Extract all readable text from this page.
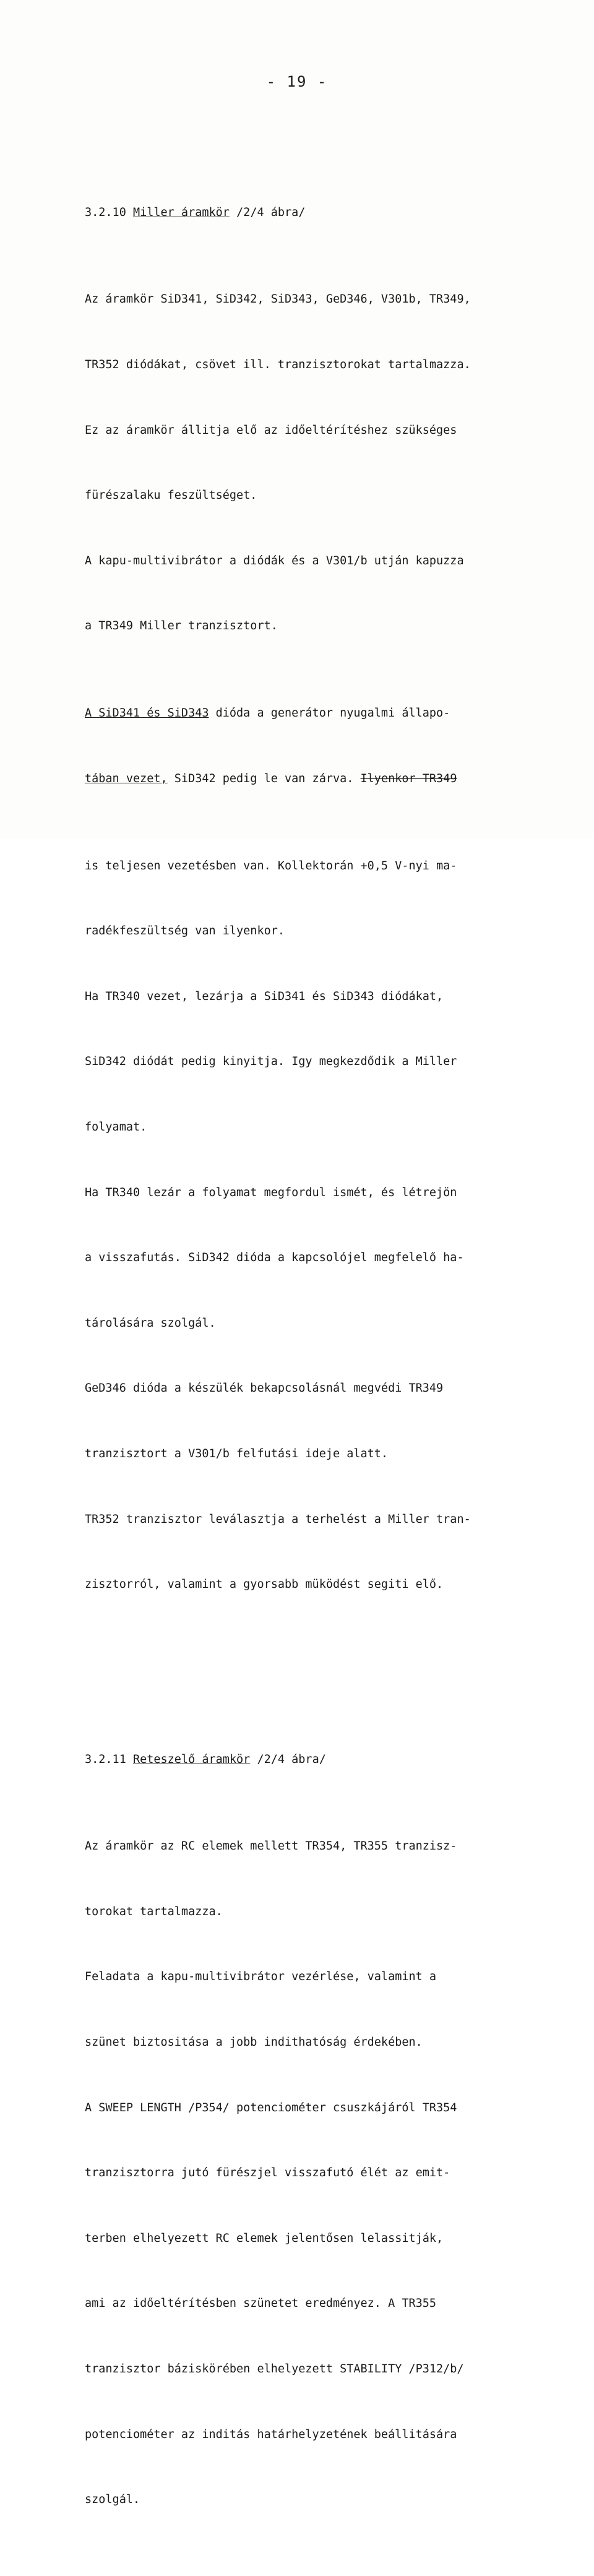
- 19 -

3.2.10 Miller áramkör /2/4 ábra/

Az áramkör SiD341, SiD342, SiD343, GeD346, V301b, TR349,

TR352 diódákat, csövet ill. tranzisztorokat tartalmazza.

Ez az áramkör állitja elő az időeltérítéshez szükséges

fürészalaku feszültséget.

A kapu-multivibrátor a diódák és a V301/b utján kapuzza

a TR349 Miller tranzisztort.

A SiD341 és SiD343 dióda a generátor nyugalmi állapo-

tában vezet, SiD342 pedig le van zárva. Ilyenkor TR349

is teljesen vezetésben van. Kollektorán +0,5 V-nyi ma-

radékfeszültség van ilyenkor.

Ha TR340 vezet, lezárja a SiD341 és SiD343 diódákat,

SiD342 diódát pedig kinyitja. Igy megkezdődik a Miller

folyamat.

Ha TR340 lezár a folyamat megfordul ismét, és létrejön

a visszafutás. SiD342 dióda a kapcsolójel megfelelő ha-

tárolására szolgál.

GeD346 dióda a készülék bekapcsolásnál megvédi TR349

tranzisztort a V301/b felfutási ideje alatt.

TR352 tranzisztor leválasztja a terhelést a Miller tran-

zisztorról, valamint a gyorsabb müködést segiti elő.

3.2.11 Reteszelő áramkör /2/4 ábra/

Az áramkör az RC elemek mellett TR354, TR355 tranzisz-

torokat tartalmazza.

Feladata a kapu-multivibrátor vezérlése, valamint a

szünet biztositása a jobb indithatóság érdekében.

A SWEEP LENGTH /P354/ potenciométer csuszkájáról TR354

tranzisztorra jutó fürészjel visszafutó élét az emit-

terben elhelyezett RC elemek jelentősen lelassitják,

ami az időeltérítésben szünetet eredményez. A TR355

tranzisztor báziskörében elhelyezett STABILITY /P312/b/

potenciométer az inditás határhelyzetének beállitására

szolgál.
